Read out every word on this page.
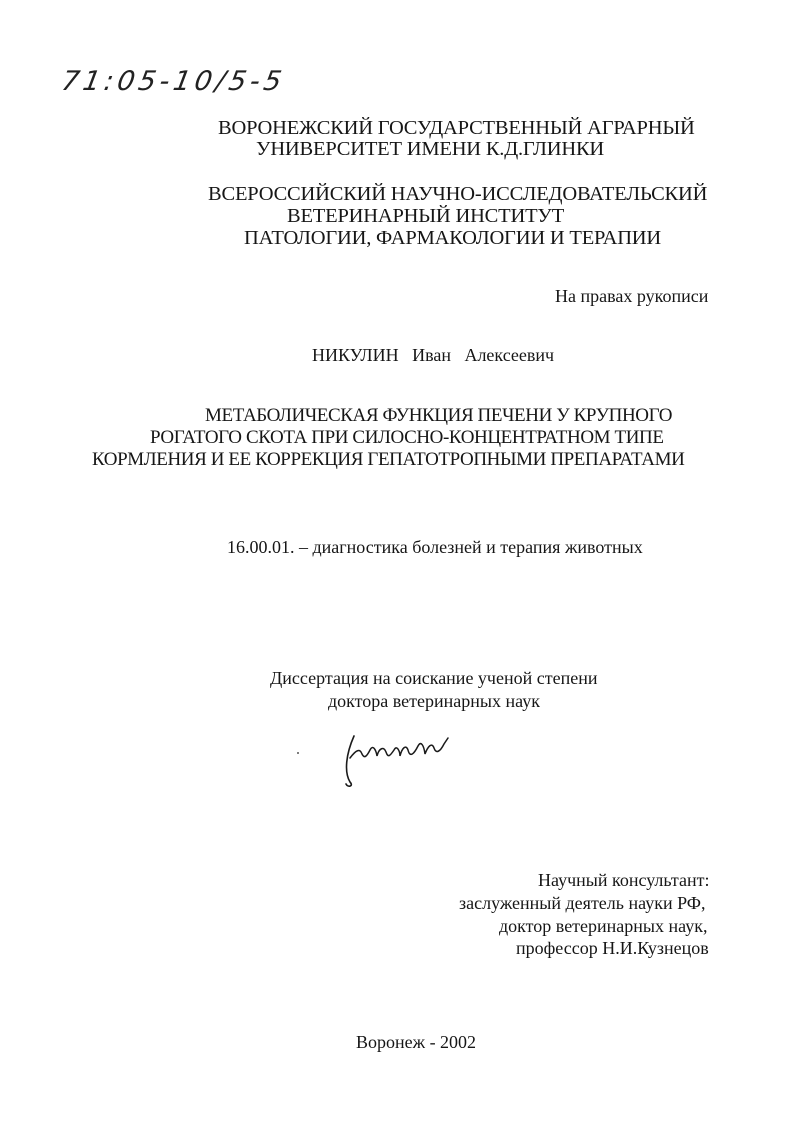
71:05-10/5-5
ВОРОНЕЖСКИЙ ГОСУДАРСТВЕННЫЙ АГРАРНЫЙ
УНИВЕРСИТЕТ ИМЕНИ К.Д.ГЛИНКИ
ВСЕРОССИЙСКИЙ НАУЧНО-ИССЛЕДОВАТЕЛЬСКИЙ
ВЕТЕРИНАРНЫЙ ИНСТИТУТ
ПАТОЛОГИИ, ФАРМАКОЛОГИИ И ТЕРАПИИ
На правах рукописи
НИКУЛИН   Иван   Алексеевич
МЕТАБОЛИЧЕСКАЯ ФУНКЦИЯ ПЕЧЕНИ У КРУПНОГО
РОГАТОГО СКОТА ПРИ СИЛОСНО-КОНЦЕНТРАТНОМ ТИПЕ
КОРМЛЕНИЯ И ЕЕ КОРРЕКЦИЯ ГЕПАТОТРОПНЫМИ ПРЕПАРАТАМИ
16.00.01. – диагностика болезней и терапия животных
Диссертация на соискание ученой степени
доктора ветеринарных наук
Научный консультант:
заслуженный деятель науки РФ,
доктор ветеринарных наук,
профессор Н.И.Кузнецов
Воронеж - 2002
